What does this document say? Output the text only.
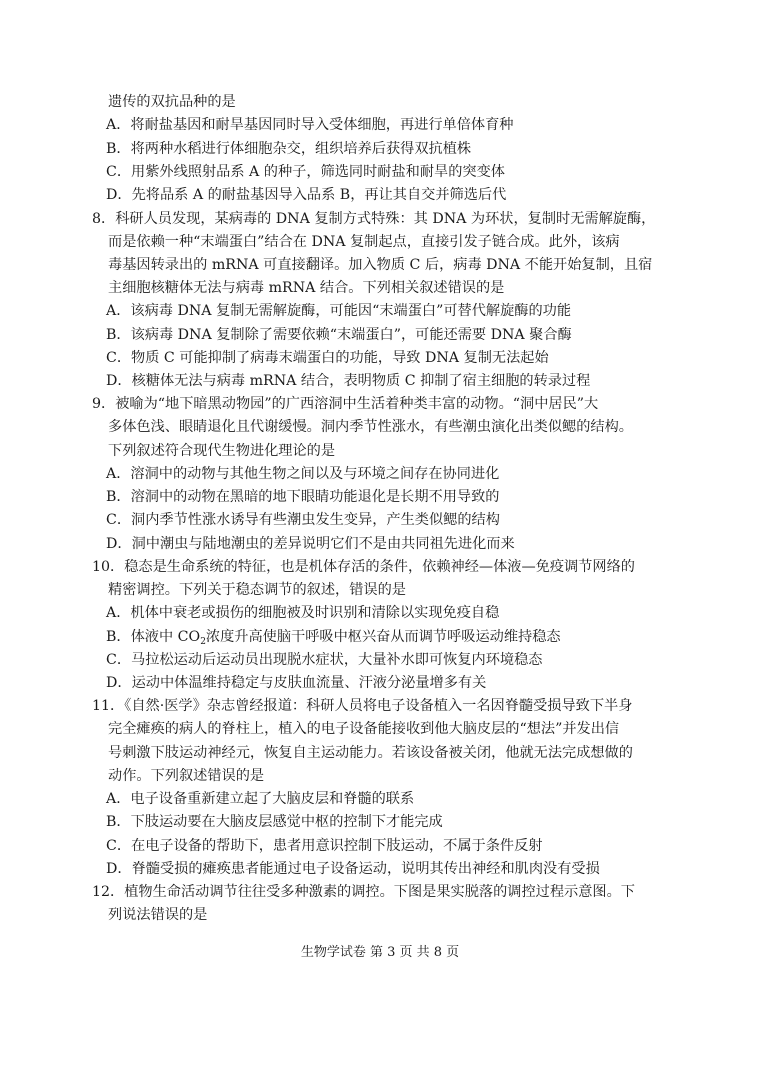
遗传的双抗品种的是
A．将耐盐基因和耐旱基因同时导入受体细胞，再进行单倍体育种
B．将两种水稻进行体细胞杂交，组织培养后获得双抗植株
C．用紫外线照射品系 A 的种子，筛选同时耐盐和耐旱的突变体
D．先将品系 A 的耐盐基因导入品系 B，再让其自交并筛选后代
8．科研人员发现，某病毒的 DNA 复制方式特殊：其 DNA 为环状，复制时无需解旋酶，
而是依赖一种“末端蛋白”结合在 DNA 复制起点，直接引发子链合成。此外，该病
毒基因转录出的 mRNA 可直接翻译。加入物质 C 后，病毒 DNA 不能开始复制，且宿
主细胞核糖体无法与病毒 mRNA 结合。下列相关叙述错误的是
A．该病毒 DNA 复制无需解旋酶，可能因“末端蛋白”可替代解旋酶的功能
B．该病毒 DNA 复制除了需要依赖“末端蛋白”，可能还需要 DNA 聚合酶
C．物质 C 可能抑制了病毒末端蛋白的功能，导致 DNA 复制无法起始
D．核糖体无法与病毒 mRNA 结合，表明物质 C 抑制了宿主细胞的转录过程
9．被喻为“地下暗黑动物园”的广西溶洞中生活着种类丰富的动物。“洞中居民”大
多体色浅、眼睛退化且代谢缓慢。洞内季节性涨水，有些潮虫演化出类似鳃的结构。
下列叙述符合现代生物进化理论的是
A．溶洞中的动物与其他生物之间以及与环境之间存在协同进化
B．溶洞中的动物在黑暗的地下眼睛功能退化是长期不用导致的
C．洞内季节性涨水诱导有些潮虫发生变异，产生类似鳃的结构
D．洞中潮虫与陆地潮虫的差异说明它们不是由共同祖先进化而来
10．稳态是生命系统的特征，也是机体存活的条件，依赖神经—体液—免疫调节网络的
精密调控。下列关于稳态调节的叙述，错误的是
A．机体中衰老或损伤的细胞被及时识别和清除以实现免疫自稳
B．体液中 $CO_2$浓度升高使脑干呼吸中枢兴奋从而调节呼吸运动维持稳态
C．马拉松运动后运动员出现脱水症状，大量补水即可恢复内环境稳态
D．运动中体温维持稳定与皮肤血流量、汗液分泌量增多有关
11．《自然·医学》杂志曾经报道：科研人员将电子设备植入一名因脊髓受损导致下半身
完全瘫痪的病人的脊柱上，植入的电子设备能接收到他大脑皮层的“想法”并发出信
号刺激下肢运动神经元，恢复自主运动能力。若该设备被关闭，他就无法完成想做的
动作。下列叙述错误的是
A．电子设备重新建立起了大脑皮层和脊髓的联系
B．下肢运动要在大脑皮层感觉中枢的控制下才能完成
C．在电子设备的帮助下，患者用意识控制下肢运动，不属于条件反射
D．脊髓受损的瘫痪患者能通过电子设备运动，说明其传出神经和肌肉没有受损
12．植物生命活动调节往往受多种激素的调控。下图是果实脱落的调控过程示意图。下
列说法错误的是
生物学试卷 第 3 页 共 8 页
